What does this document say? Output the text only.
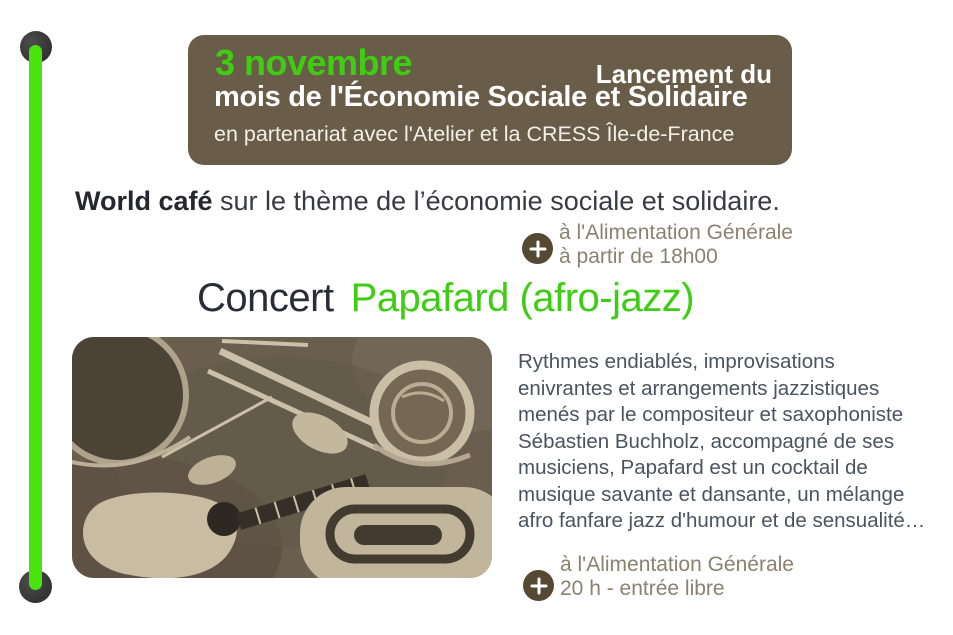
3 novembre	Lancement du
mois de l'Économie Sociale et Solidaire
en partenariat avec l'Atelier et la CRESS Île-de-France
World café sur le thème de l’économie sociale et solidaire.
à l'Alimentation Générale
à partir de 18h00
Concert Papafard (afro-jazz)
Rythmes endiablés, improvisations
enivrantes et arrangements jazzistiques
menés par le compositeur et saxophoniste
Sébastien Buchholz, accompagné de ses
musiciens, Papafard est un cocktail de
musique savante et dansante, un mélange
afro fanfare jazz d'humour et de sensualité…
à l'Alimentation Générale
20 h - entrée libre
